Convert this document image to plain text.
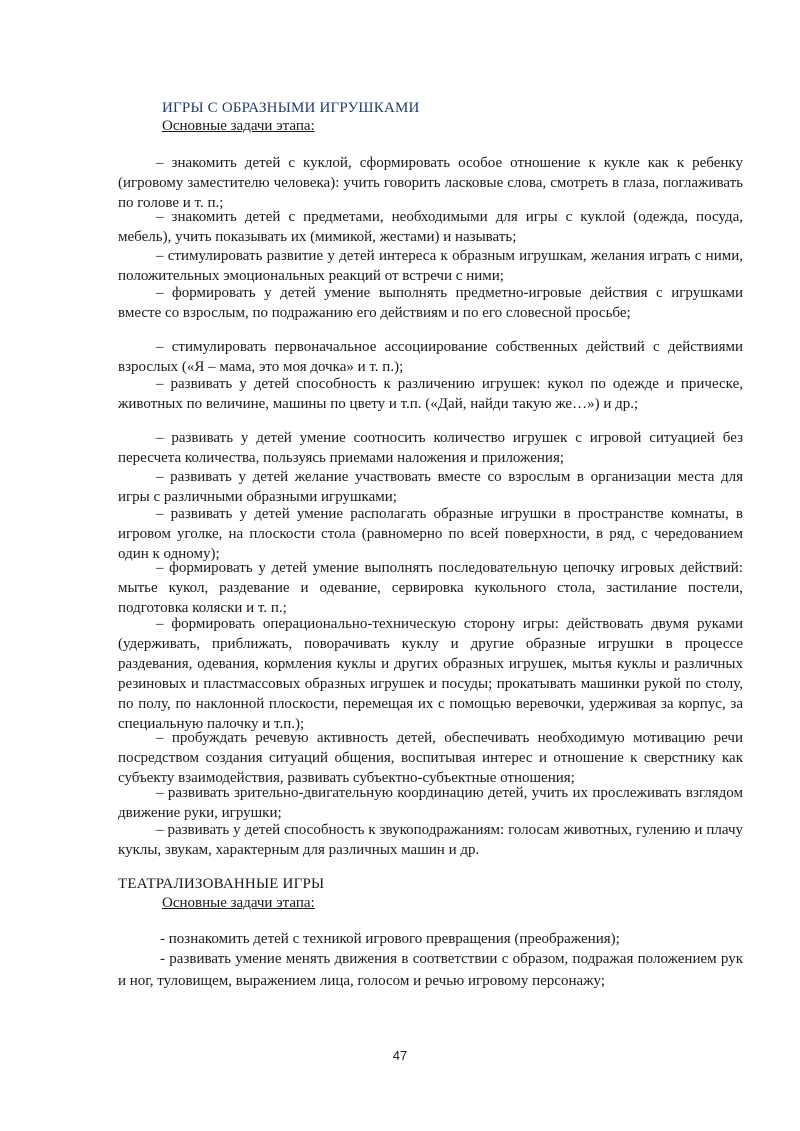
ИГРЫ С ОБРАЗНЫМИ ИГРУШКАМИ
Основные задачи этапа:

– знакомить детей с куклой, сформировать особое отношение к кукле как к ребенку (игровому заместителю человека): учить говорить ласковые слова, смотреть в глаза, поглаживать по голове и т. п.;

– знакомить детей с предметами, необходимыми для игры с куклой (одежда, посуда, мебель), учить показывать их (мимикой, жестами) и называть;

– стимулировать развитие у детей интереса к образным игрушкам, желания играть с ними, положительных эмоциональных реакций от встречи с ними;

– формировать у детей умение выполнять предметно-игровые действия с игрушками вместе со взрослым, по подражанию его действиям и по его словесной просьбе;

– стимулировать первоначальное ассоциирование собственных действий с действиями взрослых («Я – мама, это моя дочка» и т. п.);

– развивать у детей способность к различению игрушек: кукол по одежде и прическе, животных по величине, машины по цвету и т.п. («Дай, найди такую же…») и др.;

– развивать у детей умение соотносить количество игрушек с игровой ситуацией без пересчета количества, пользуясь приемами наложения и приложения;

– развивать у детей желание участвовать вместе со взрослым в организации места для игры с различными образными игрушками;

– развивать у детей умение располагать образные игрушки в пространстве комнаты, в игровом уголке, на плоскости стола (равномерно по всей поверхности, в ряд, с чередованием один к одному);

– формировать у детей умение выполнять последовательную цепочку игровых действий: мытье кукол, раздевание и одевание, сервировка кукольного стола, застилание постели, подготовка коляски и т. п.;

– формировать операционально-техническую сторону игры: действовать двумя руками (удерживать, приближать, поворачивать куклу и другие образные игрушки в процессе раздевания, одевания, кормления куклы и других образных игрушек, мытья куклы и различных резиновых и пластмассовых образных игрушек и посуды; прокатывать машинки рукой по столу, по полу, по наклонной плоскости, перемещая их с помощью веревочки, удерживая за корпус, за специальную палочку и т.п.);

– пробуждать речевую активность детей, обеспечивать необходимую мотивацию речи посредством создания ситуаций общения, воспитывая интерес и отношение к сверстнику как субъекту взаимодействия, развивать субъектно-субъектные отношения;

– развивать зрительно-двигательную координацию детей, учить их прослеживать взглядом движение руки, игрушки;

– развивать у детей способность к звукоподражаниям: голосам животных, гулению и плачу куклы, звукам, характерным для различных машин и др.

ТЕАТРАЛИЗОВАННЫЕ ИГРЫ
Основные задачи этапа:

- познакомить детей с техникой игрового превращения (преображения);

- развивать умение менять движения в соответствии с образом, подражая положением рук и ног, туловищем, выражением лица, голосом и речью игровому персонажу;

47
